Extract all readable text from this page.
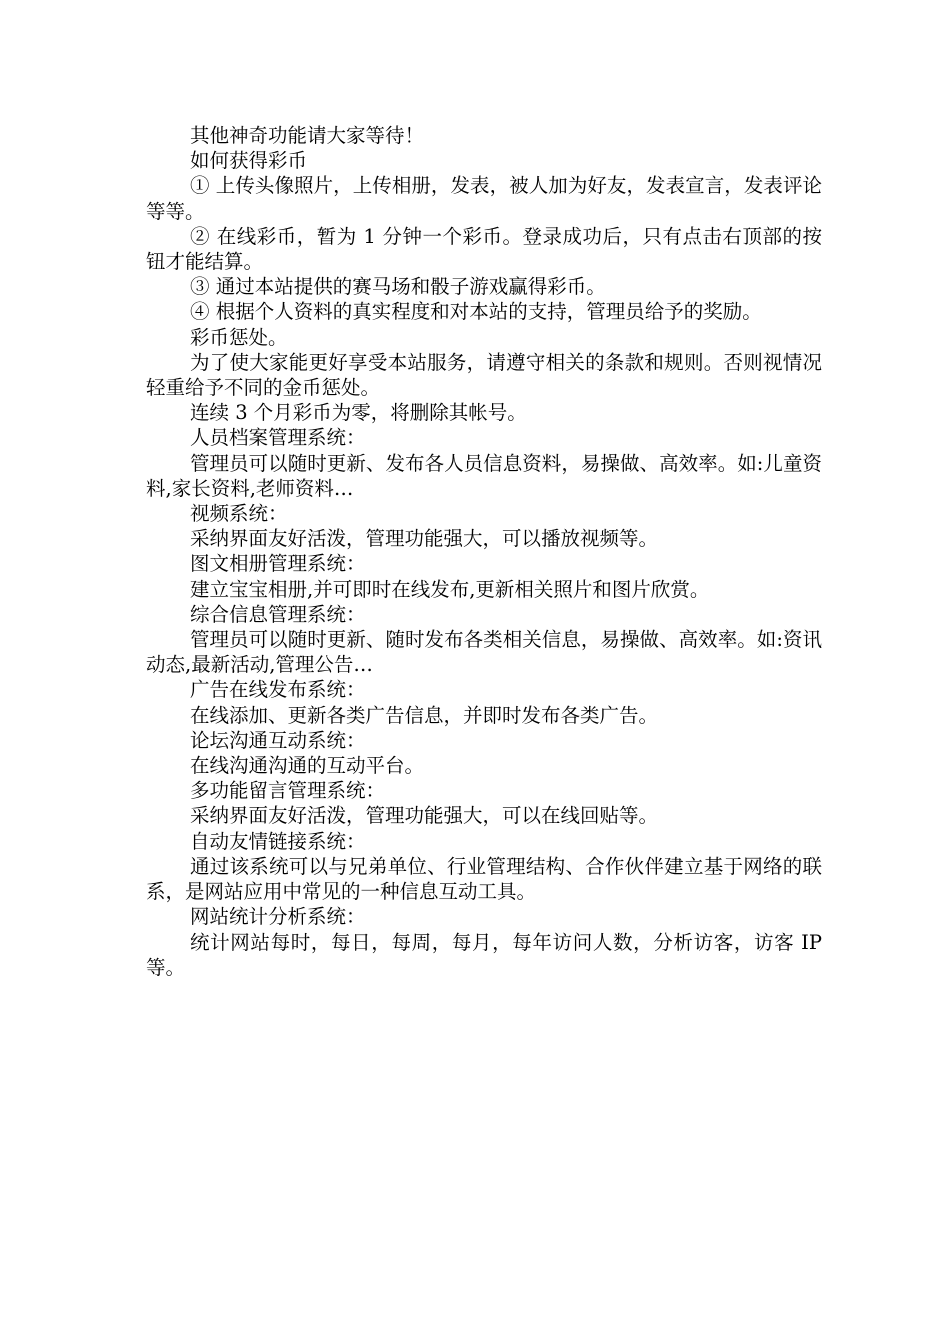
其他神奇功能请大家等待！

如何获得彩币

① 上传头像照片，上传相册，发表，被人加为好友，发表宣言，发表评论等等。

② 在线彩币，暂为 1 分钟一个彩币。登录成功后，只有点击右顶部的按钮才能结算。

③ 通过本站提供的赛马场和骰子游戏赢得彩币。

④ 根据个人资料的真实程度和对本站的支持，管理员给予的奖励。

彩币惩处。

为了使大家能更好享受本站服务，请遵守相关的条款和规则。否则视情况轻重给予不同的金币惩处。

连续 3 个月彩币为零，将删除其帐号。

人员档案管理系统：

管理员可以随时更新、发布各人员信息资料，易操做、高效率。如:儿童资料,家长资料,老师资料…

视频系统：

采纳界面友好活泼，管理功能强大，可以播放视频等。

图文相册管理系统：

建立宝宝相册,并可即时在线发布,更新相关照片和图片欣赏。

综合信息管理系统：

管理员可以随时更新、随时发布各类相关信息，易操做、高效率。如:资讯动态,最新活动,管理公告…

广告在线发布系统：

在线添加、更新各类广告信息，并即时发布各类广告。

论坛沟通互动系统：

在线沟通沟通的互动平台。

多功能留言管理系统：

采纳界面友好活泼，管理功能强大，可以在线回贴等。

自动友情链接系统：

通过该系统可以与兄弟单位、行业管理结构、合作伙伴建立基于网络的联系，是网站应用中常见的一种信息互动工具。

网站统计分析系统：

统计网站每时，每日，每周，每月，每年访问人数，分析访客，访客 IP 等。
